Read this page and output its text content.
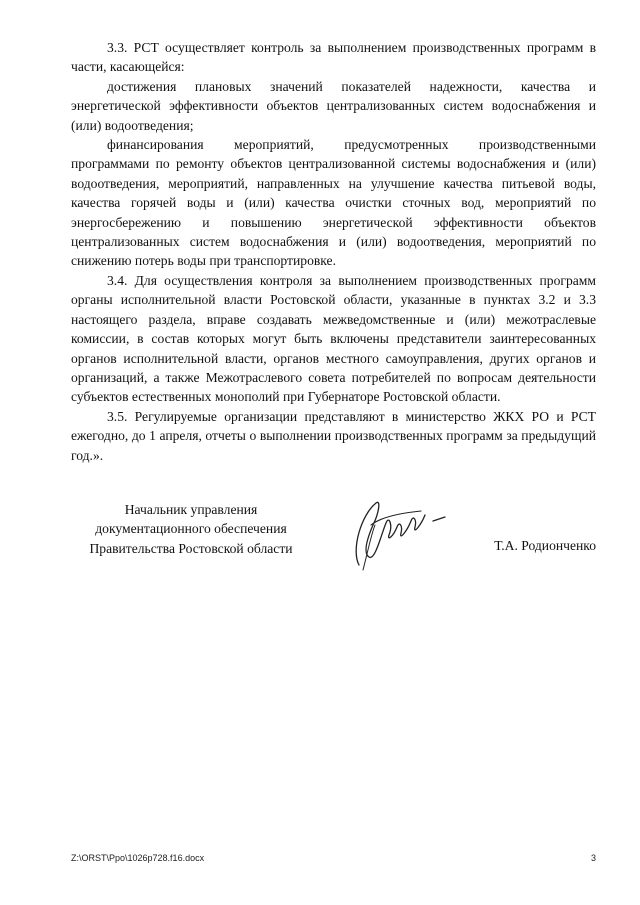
3.3. РСТ осуществляет контроль за выполнением производственных программ в части, касающейся:

достижения плановых значений показателей надежности, качества и энергетической эффективности объектов централизованных систем водоснабжения и (или) водоотведения;

финансирования мероприятий, предусмотренных производственными программами по ремонту объектов централизованной системы водоснабжения и (или) водоотведения, мероприятий, направленных на улучшение качества питьевой воды, качества горячей воды и (или) качества очистки сточных вод, мероприятий по энергосбережению и повышению энергетической эффективности объектов централизованных систем водоснабжения и (или) водоотведения, мероприятий по снижению потерь воды при транспортировке.

3.4. Для осуществления контроля за выполнением производственных программ органы исполнительной власти Ростовской области, указанные в пунктах 3.2 и 3.3 настоящего раздела, вправе создавать межведомственные и (или) межотраслевые комиссии, в состав которых могут быть включены представители заинтересованных органов исполнительной власти, органов местного самоуправления, других органов и организаций, а также Межотраслевого совета потребителей по вопросам деятельности субъектов естественных монополий при Губернаторе Ростовской области.

3.5. Регулируемые организации представляют в министерство ЖКХ РО и РСТ ежегодно, до 1 апреля, отчеты о выполнении производственных программ за предыдущий год.».

Начальник управления
документационного обеспечения
Правительства Ростовской области	Т.А. Родионченко
Z:\ORST\Ppo\1026p728.f16.docx	3
